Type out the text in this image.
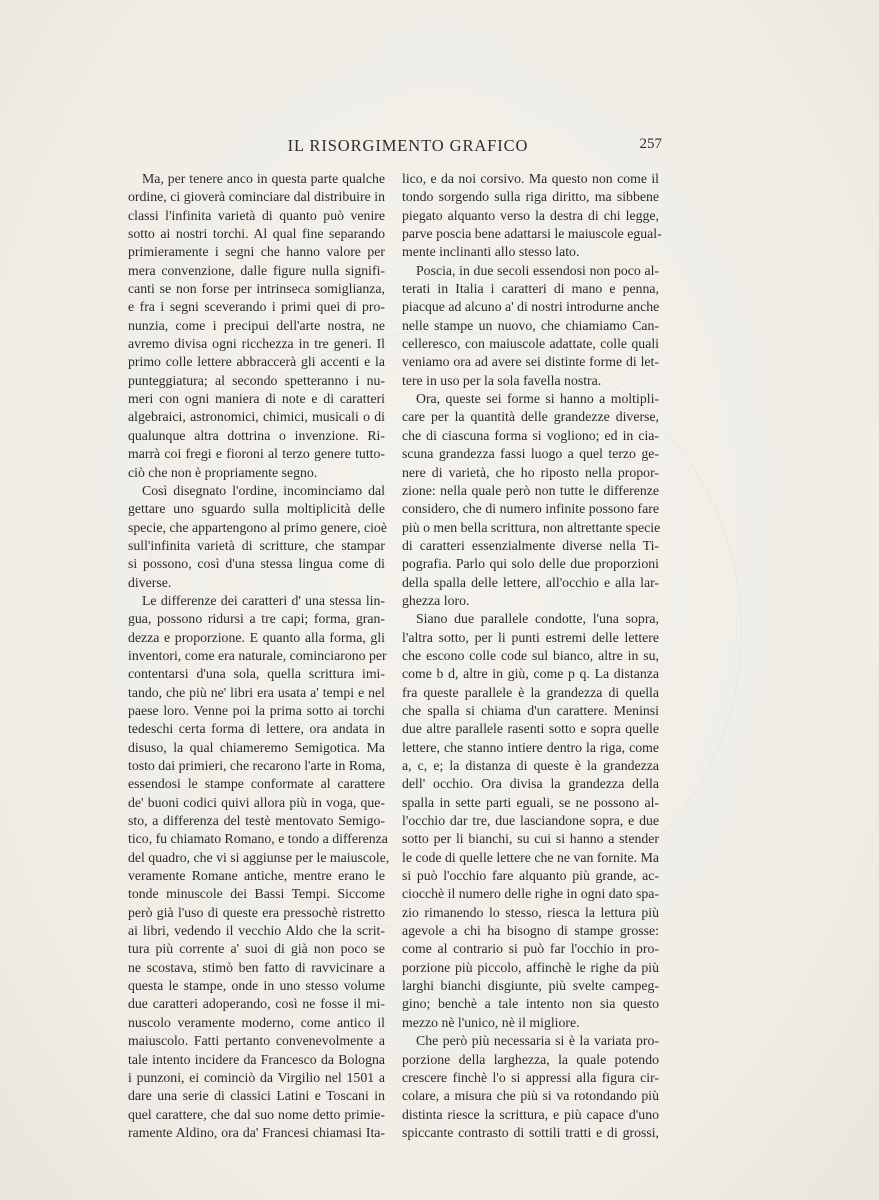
IL RISORGIMENTO GRAFICO	257
Ma, per tenere anco in questa parte qualche
ordine, ci gioverà cominciare dal distribuire in
classi l'infinita varietà di quanto può venire
sotto ai nostri torchi. Al qual fine separando
primieramente i segni che hanno valore per
mera convenzione, dalle figure nulla signifi-
canti se non forse per intrinseca somiglianza,
e fra i segni sceverando i primi quei di pro-
nunzia, come i precipui dell'arte nostra, ne
avremo divisa ogni ricchezza in tre generi. Il
primo colle lettere abbraccerà gli accenti e la
punteggiatura; al secondo spetteranno i nu-
meri con ogni maniera di note e di caratteri
algebraici, astronomici, chimici, musicali o di
qualunque altra dottrina o invenzione. Ri-
marrà coi fregi e fioroni al terzo genere tutto-
ciò che non è propriamente segno.
Così disegnato l'ordine, incominciamo dal
gettare uno sguardo sulla moltiplicità delle
specie, che appartengono al primo genere, cioè
sull'infinita varietà di scritture, che stampar
si possono, così d'una stessa lingua come di
diverse.
Le differenze dei caratteri d' una stessa lin-
gua, possono ridursi a tre capi; forma, gran-
dezza e proporzione. E quanto alla forma, gli
inventori, come era naturale, cominciarono per
contentarsi d'una sola, quella scrittura imi-
tando, che più ne' libri era usata a' tempi e nel
paese loro. Venne poi la prima sotto ai torchi
tedeschi certa forma di lettere, ora andata in
disuso, la qual chiameremo Semigotica. Ma
tosto dai primieri, che recarono l'arte in Roma,
essendosi le stampe conformate al carattere
de' buoni codici quivi allora più in voga, que-
sto, a differenza del testè mentovato Semigo-
tico, fu chiamato Romano, e tondo a differenza
del quadro, che vi si aggiunse per le maiuscole,
veramente Romane antiche, mentre erano le
tonde minuscole dei Bassi Tempi. Siccome
però già l'uso di queste era pressochè ristretto
ai libri, vedendo il vecchio Aldo che la scrit-
tura più corrente a' suoi di già non poco se
ne scostava, stimò ben fatto di ravvicinare a
questa le stampe, onde in uno stesso volume
due caratteri adoperando, così ne fosse il mi-
nuscolo veramente moderno, come antico il
maiuscolo. Fatti pertanto convenevolmente a
tale intento incidere da Francesco da Bologna
i punzoni, ei cominciò da Virgilio nel 1501 a
dare una serie di classici Latini e Toscani in
quel carattere, che dal suo nome detto primie-
ramente Aldino, ora da' Francesi chiamasi Ita-
lico, e da noi corsivo. Ma questo non come il
tondo sorgendo sulla riga diritto, ma sibbene
piegato alquanto verso la destra di chi legge,
parve poscia bene adattarsi le maiuscole egual-
mente inclinanti allo stesso lato.
Poscia, in due secoli essendosi non poco al-
terati in Italia i caratteri di mano e penna,
piacque ad alcuno a' di nostri introdurne anche
nelle stampe un nuovo, che chiamiamo Can-
celleresco, con maiuscole adattate, colle quali
veniamo ora ad avere sei distinte forme di let-
tere in uso per la sola favella nostra.
Ora, queste sei forme si hanno a moltipli-
care per la quantità delle grandezze diverse,
che di ciascuna forma si vogliono; ed in cia-
scuna grandezza fassi luogo a quel terzo ge-
nere di varietà, che ho riposto nella propor-
zione: nella quale però non tutte le differenze
considero, che di numero infinite possono fare
più o men bella scrittura, non altrettante specie
di caratteri essenzialmente diverse nella Ti-
pografia. Parlo qui solo delle due proporzioni
della spalla delle lettere, all'occhio e alla lar-
ghezza loro.
Siano due parallele condotte, l'una sopra,
l'altra sotto, per li punti estremi delle lettere
che escono colle code sul bianco, altre in su,
come b d, altre in giù, come p q. La distanza
fra queste parallele è la grandezza di quella
che spalla si chiama d'un carattere. Meninsi
due altre parallele rasenti sotto e sopra quelle
lettere, che stanno intiere dentro la riga, come
a, c, e; la distanza di queste è la grandezza
dell' occhio. Ora divisa la grandezza della
spalla in sette parti eguali, se ne possono al-
l'occhio dar tre, due lasciandone sopra, e due
sotto per li bianchi, su cui si hanno a stender
le code di quelle lettere che ne van fornite. Ma
si può l'occhio fare alquanto più grande, ac-
ciocchè il numero delle righe in ogni dato spa-
zio rimanendo lo stesso, riesca la lettura più
agevole a chi ha bisogno di stampe grosse:
come al contrario si può far l'occhio in pro-
porzione più piccolo, affinchè le righe da più
larghi bianchi disgiunte, più svelte campeg-
gino; benchè a tale intento non sia questo
mezzo nè l'unico, nè il migliore.
Che però più necessaria si è la variata pro-
porzione della larghezza, la quale potendo
crescere finchè l'o si appressi alla figura cir-
colare, a misura che più si va rotondando più
distinta riesce la scrittura, e più capace d'uno
spiccante contrasto di sottili tratti e di grossi,
